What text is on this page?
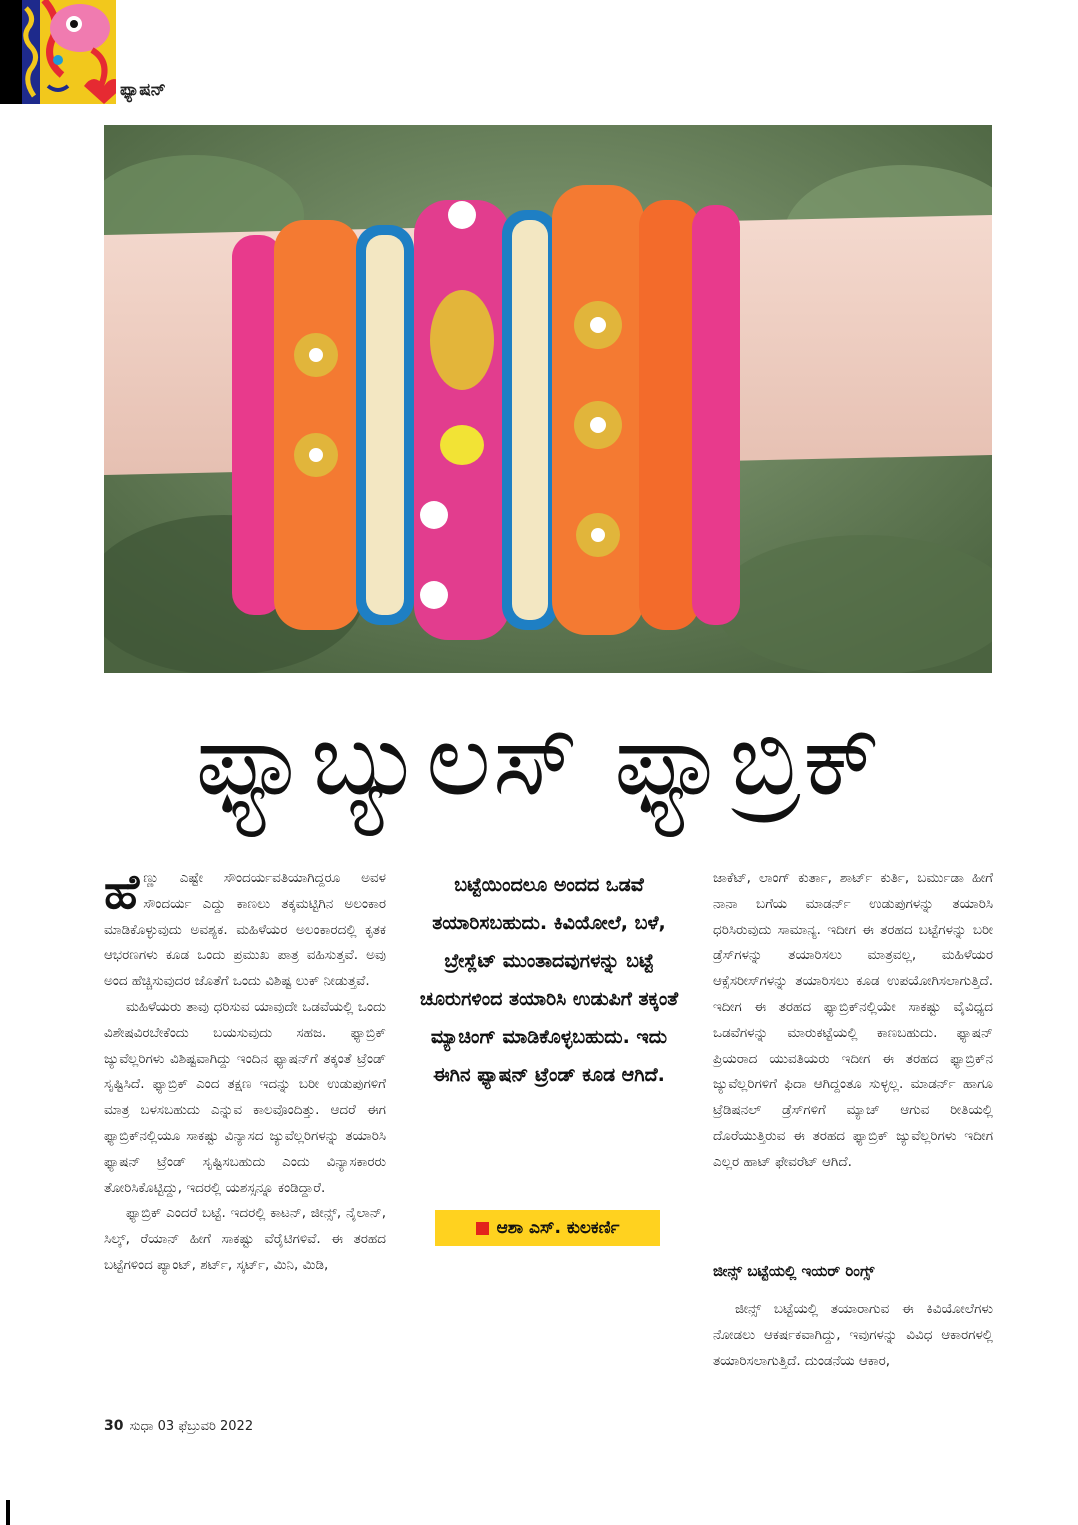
ಫ್ಯಾಷನ್
ಫ್ಯಾಬ್ಯುಲಸ್ ಫ್ಯಾಬ್ರಿಕ್

ಹೆಣ್ಣು ಎಷ್ಟೇ ಸೌಂದರ್ಯವತಿಯಾಗಿದ್ದರೂ ಅವಳ ಸೌಂದರ್ಯ ಎದ್ದು ಕಾಣಲು ತಕ್ಕಮಟ್ಟಿಗಿನ ಅಲಂಕಾರ ಮಾಡಿಕೊಳ್ಳುವುದು ಅವಶ್ಯಕ. ಮಹಿಳೆಯರ ಅಲಂಕಾರದಲ್ಲಿ ಕೃತಕ ಆಭರಣಗಳು ಕೂಡ ಒಂದು ಪ್ರಮುಖ ಪಾತ್ರ ವಹಿಸುತ್ತವೆ. ಅವು ಅಂದ ಹೆಚ್ಚಿಸುವುದರ ಜೊತೆಗೆ ಒಂದು ವಿಶಿಷ್ಟ ಲುಕ್ ನೀಡುತ್ತವೆ.

ಮಹಿಳೆಯರು ತಾವು ಧರಿಸುವ ಯಾವುದೇ ಒಡವೆಯಲ್ಲಿ ಒಂದು ವಿಶೇಷವಿರಬೇಕೆಂದು ಬಯಸುವುದು ಸಹಜ. ಫ್ಯಾಬ್ರಿಕ್ ಜ್ಯುವೆಲ್ಲರಿಗಳು ವಿಶಿಷ್ಟವಾಗಿದ್ದು ಇಂದಿನ ಫ್ಯಾಷನ್‌ಗೆ ತಕ್ಕಂತೆ ಟ್ರೆಂಡ್ ಸೃಷ್ಟಿಸಿದೆ. ಫ್ಯಾಬ್ರಿಕ್ ಎಂದ ತಕ್ಷಣ ಇದನ್ನು ಬರೀ ಉಡುಪುಗಳಿಗೆ ಮಾತ್ರ ಬಳಸಬಹುದು ಎನ್ನುವ ಕಾಲವೊಂದಿತ್ತು. ಆದರೆ ಈಗ ಫ್ಯಾಬ್ರಿಕ್‌ನಲ್ಲಿಯೂ ಸಾಕಷ್ಟು ವಿನ್ಯಾಸದ ಜ್ಯುವೆಲ್ಲರಿಗಳನ್ನು ತಯಾರಿಸಿ ಫ್ಯಾಷನ್ ಟ್ರೆಂಡ್ ಸೃಷ್ಟಿಸಬಹುದು ಎಂದು ವಿನ್ಯಾಸಕಾರರು ತೋರಿಸಿಕೊಟ್ಟಿದ್ದು, ಇದರಲ್ಲಿ ಯಶಸ್ಸನ್ನೂ ಕಂಡಿದ್ದಾರೆ.

ಫ್ಯಾಬ್ರಿಕ್ ಎಂದರೆ ಬಟ್ಟೆ. ಇದರಲ್ಲಿ ಕಾಟನ್, ಜೀನ್ಸ್, ನೈಲಾನ್, ಸಿಲ್ಕ್, ರೆಯಾನ್ ಹೀಗೆ ಸಾಕಷ್ಟು ವೆರೈಟಿಗಳಿವೆ. ಈ ತರಹದ ಬಟ್ಟೆಗಳಿಂದ ಪ್ಯಾಂಟ್, ಶರ್ಟ್, ಸ್ಕರ್ಟ್, ಮಿನಿ, ಮಿಡಿ,

ಬಟ್ಟೆಯಿಂದಲೂ ಅಂದದ ಒಡವೆ ತಯಾರಿಸಬಹುದು. ಕಿವಿಯೋಲೆ, ಬಳೆ, ಬ್ರೇಸ್ಲೆಟ್ ಮುಂತಾದವುಗಳನ್ನು ಬಟ್ಟೆ ಚೂರುಗಳಿಂದ ತಯಾರಿಸಿ ಉಡುಪಿಗೆ ತಕ್ಕಂತೆ ಮ್ಯಾಚಿಂಗ್ ಮಾಡಿಕೊಳ್ಳಬಹುದು. ಇದು ಈಗಿನ ಫ್ಯಾಷನ್ ಟ್ರೆಂಡ್ ಕೂಡ ಆಗಿದೆ.
ಆಶಾ ಎಸ್. ಕುಲಕರ್ಣಿ

ಜಾಕೆಟ್, ಲಾಂಗ್ ಕುರ್ತಾ, ಶಾರ್ಟ್ ಕುರ್ತಿ, ಬರ್ಮುಡಾ ಹೀಗೆ ನಾನಾ ಬಗೆಯ ಮಾಡರ್ನ್ ಉಡುಪುಗಳನ್ನು ತಯಾರಿಸಿ ಧರಿಸಿರುವುದು ಸಾಮಾನ್ಯ. ಇದೀಗ ಈ ತರಹದ ಬಟ್ಟೆಗಳನ್ನು ಬರೀ ಡ್ರೆಸ್‌ಗಳನ್ನು ತಯಾರಿಸಲು ಮಾತ್ರವಲ್ಲ, ಮಹಿಳೆಯರ ಆಕ್ಸೆಸರೀಸ್‌ಗಳನ್ನು ತಯಾರಿಸಲು ಕೂಡ ಉಪಯೋಗಿಸಲಾಗುತ್ತಿದೆ. ಇದೀಗ ಈ ತರಹದ ಫ್ಯಾಬ್ರಿಕ್‌ನಲ್ಲಿಯೇ ಸಾಕಷ್ಟು ವೈವಿಧ್ಯದ ಒಡವೆಗಳನ್ನು ಮಾರುಕಟ್ಟೆಯಲ್ಲಿ ಕಾಣಬಹುದು. ಫ್ಯಾಷನ್ ಪ್ರಿಯರಾದ ಯುವತಿಯರು ಇದೀಗ ಈ ತರಹದ ಫ್ಯಾಬ್ರಿಕ್‌ನ ಜ್ಯುವೆಲ್ಲರಿಗಳಿಗೆ ಫಿದಾ ಆಗಿದ್ದಂತೂ ಸುಳ್ಳಲ್ಲ. ಮಾಡರ್ನ್ ಹಾಗೂ ಟ್ರೆಡಿಷನಲ್ ಡ್ರೆಸ್‌ಗಳಿಗೆ ಮ್ಯಾಚ್ ಆಗುವ ರೀತಿಯಲ್ಲಿ ದೊರೆಯುತ್ತಿರುವ ಈ ತರಹದ ಫ್ಯಾಬ್ರಿಕ್ ಜ್ಯುವೆಲ್ಲರಿಗಳು ಇದೀಗ ಎಲ್ಲರ ಹಾಟ್ ಫೇವರೆಟ್ ಆಗಿದೆ.

ಜೀನ್ಸ್ ಬಟ್ಟೆಯಲ್ಲಿ ಇಯರ್ ರಿಂಗ್ಸ್

ಜೀನ್ಸ್ ಬಟ್ಟೆಯಲ್ಲಿ ತಯಾರಾಗುವ ಈ ಕಿವಿಯೋಲೆಗಳು ನೋಡಲು ಆಕರ್ಷಕವಾಗಿದ್ದು, ಇವುಗಳನ್ನು ವಿವಿಧ ಆಕಾರಗಳಲ್ಲಿ ತಯಾರಿಸಲಾಗುತ್ತಿದೆ. ದುಂಡನೆಯ ಆಕಾರ,

30 ಸುಧಾ 03 ಫೆಬ್ರುವರಿ 2022
